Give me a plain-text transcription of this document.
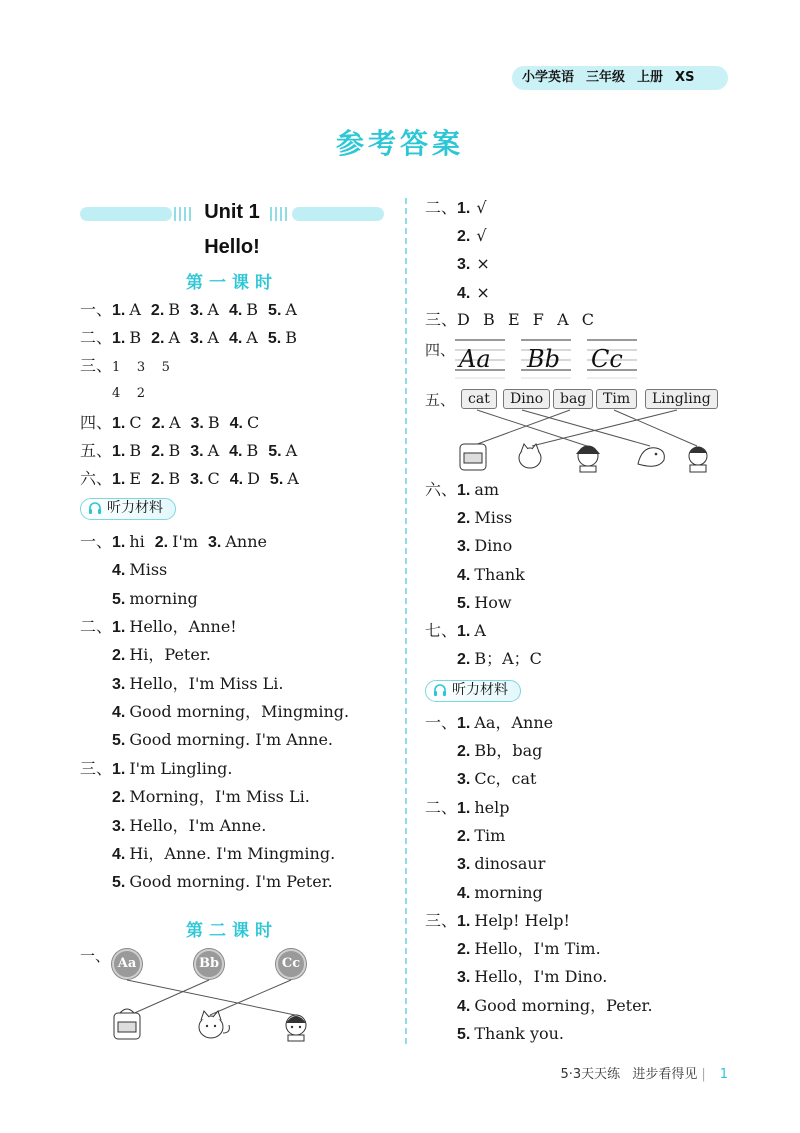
小学英语 三年级 上册 XS
参考答案
Unit 1
Hello!
第一课时
一、1. A 2. B 3. A 4. B 5. A
二、1. B 2. A 3. A 4. A 5. B
四、1. C 2. A 3. B 4. C
五、1. B 2. B 3. A 4. B 5. A
六、1. E 2. B 3. C 4. D 5. A
三、1    3    5
4    2
听力材料
一、1. hi 2. I'm 3. Anne
4. Miss
5. morning
二、1. Hello，Anne!
2. Hi，Peter.
3. Hello，I'm Miss Li.
4. Good morning，Mingming.
5. Good morning. I'm Anne.
三、1. I'm Lingling.
2. Morning，I'm Miss Li.
3. Hello，I'm Anne.
4. Hi，Anne. I'm Mingming.
5. Good morning. I'm Peter.
第二课时
一、 Aa	Bb	Cc
二、1. √
2. √
3. ×
4. ×
三、D  B  E  F  A  C
四、 Aa Bb Cc
五、 cat	Dino	bag	Tim	Lingling
六、1. am
2. Miss
3. Dino
4. Thank
5. How
七、1. A
2. B；A；C
听力材料
一、1. Aa，Anne
2. Bb，bag
3. Cc，cat
二、1. help
2. Tim
3. dinosaur
4. morning
三、1. Help! Help!
2. Hello，I'm Tim.
3. Hello，I'm Dino.
4. Good morning，Peter.
5. Thank you.
5·3天天练 进步看得见 | 1
